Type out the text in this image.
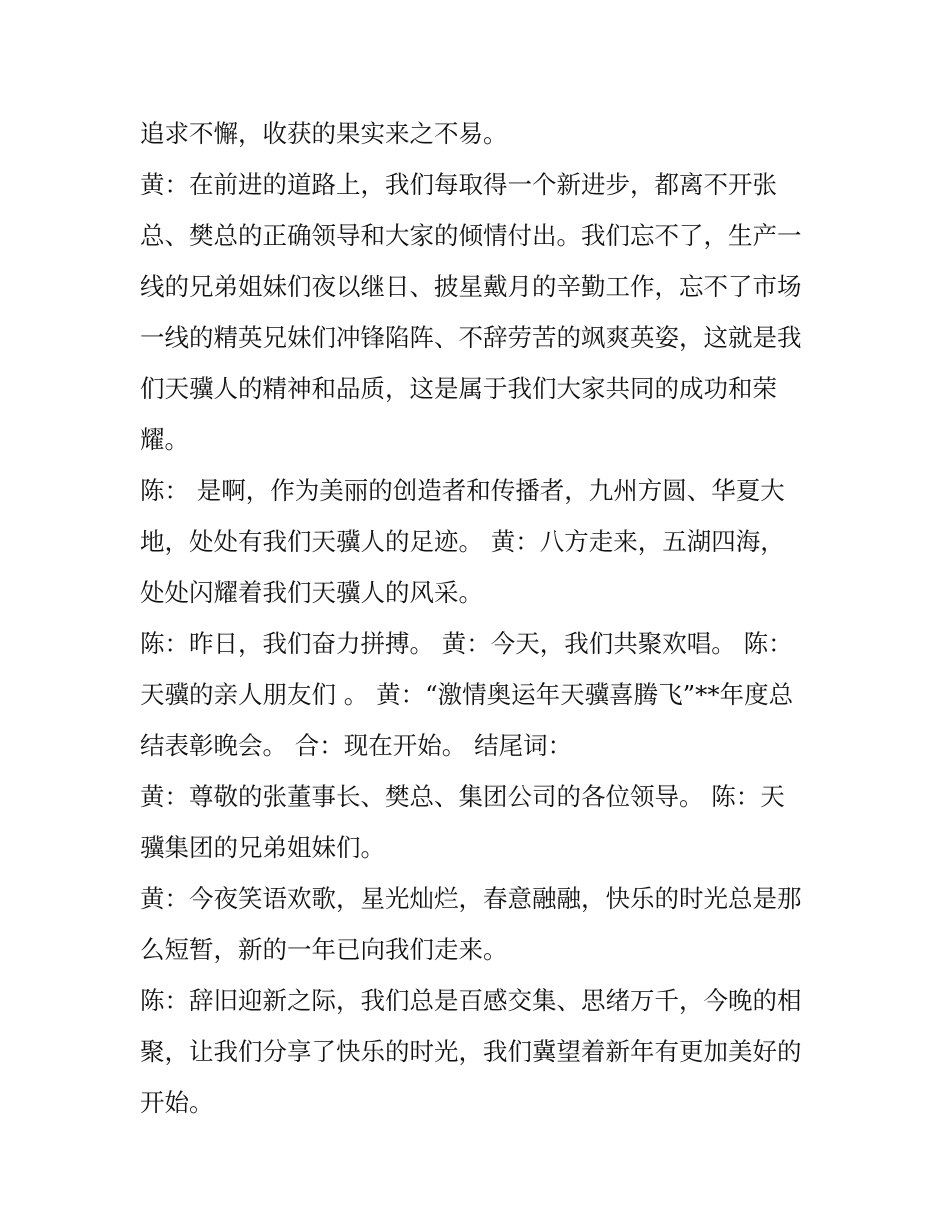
追求不懈，收获的果实来之不易。
黄：在前进的道路上，我们每取得一个新进步，都离不开张
总、樊总的正确领导和大家的倾情付出。我们忘不了，生产一
线的兄弟姐妹们夜以继日、披星戴月的辛勤工作，忘不了市场
一线的精英兄妹们冲锋陷阵、不辞劳苦的飒爽英姿，这就是我
们天骥人的精神和品质，这是属于我们大家共同的成功和荣
耀。
陈： 是啊，作为美丽的创造者和传播者，九州方圆、华夏大
地，处处有我们天骥人的足迹。 黄：八方走来，五湖四海，
处处闪耀着我们天骥人的风采。
陈：昨日，我们奋力拼搏。 黄：今天，我们共聚欢唱。 陈：
天骥的亲人朋友们 。 黄：“激情奥运年天骥喜腾飞”**年度总
结表彰晚会。 合：现在开始。 结尾词：
黄：尊敬的张董事长、樊总、集团公司的各位领导。 陈：天
骥集团的兄弟姐妹们。
黄：今夜笑语欢歌，星光灿烂，春意融融，快乐的时光总是那
么短暂，新的一年已向我们走来。
陈：辞旧迎新之际，我们总是百感交集、思绪万千，今晚的相
聚，让我们分享了快乐的时光，我们冀望着新年有更加美好的
开始。
